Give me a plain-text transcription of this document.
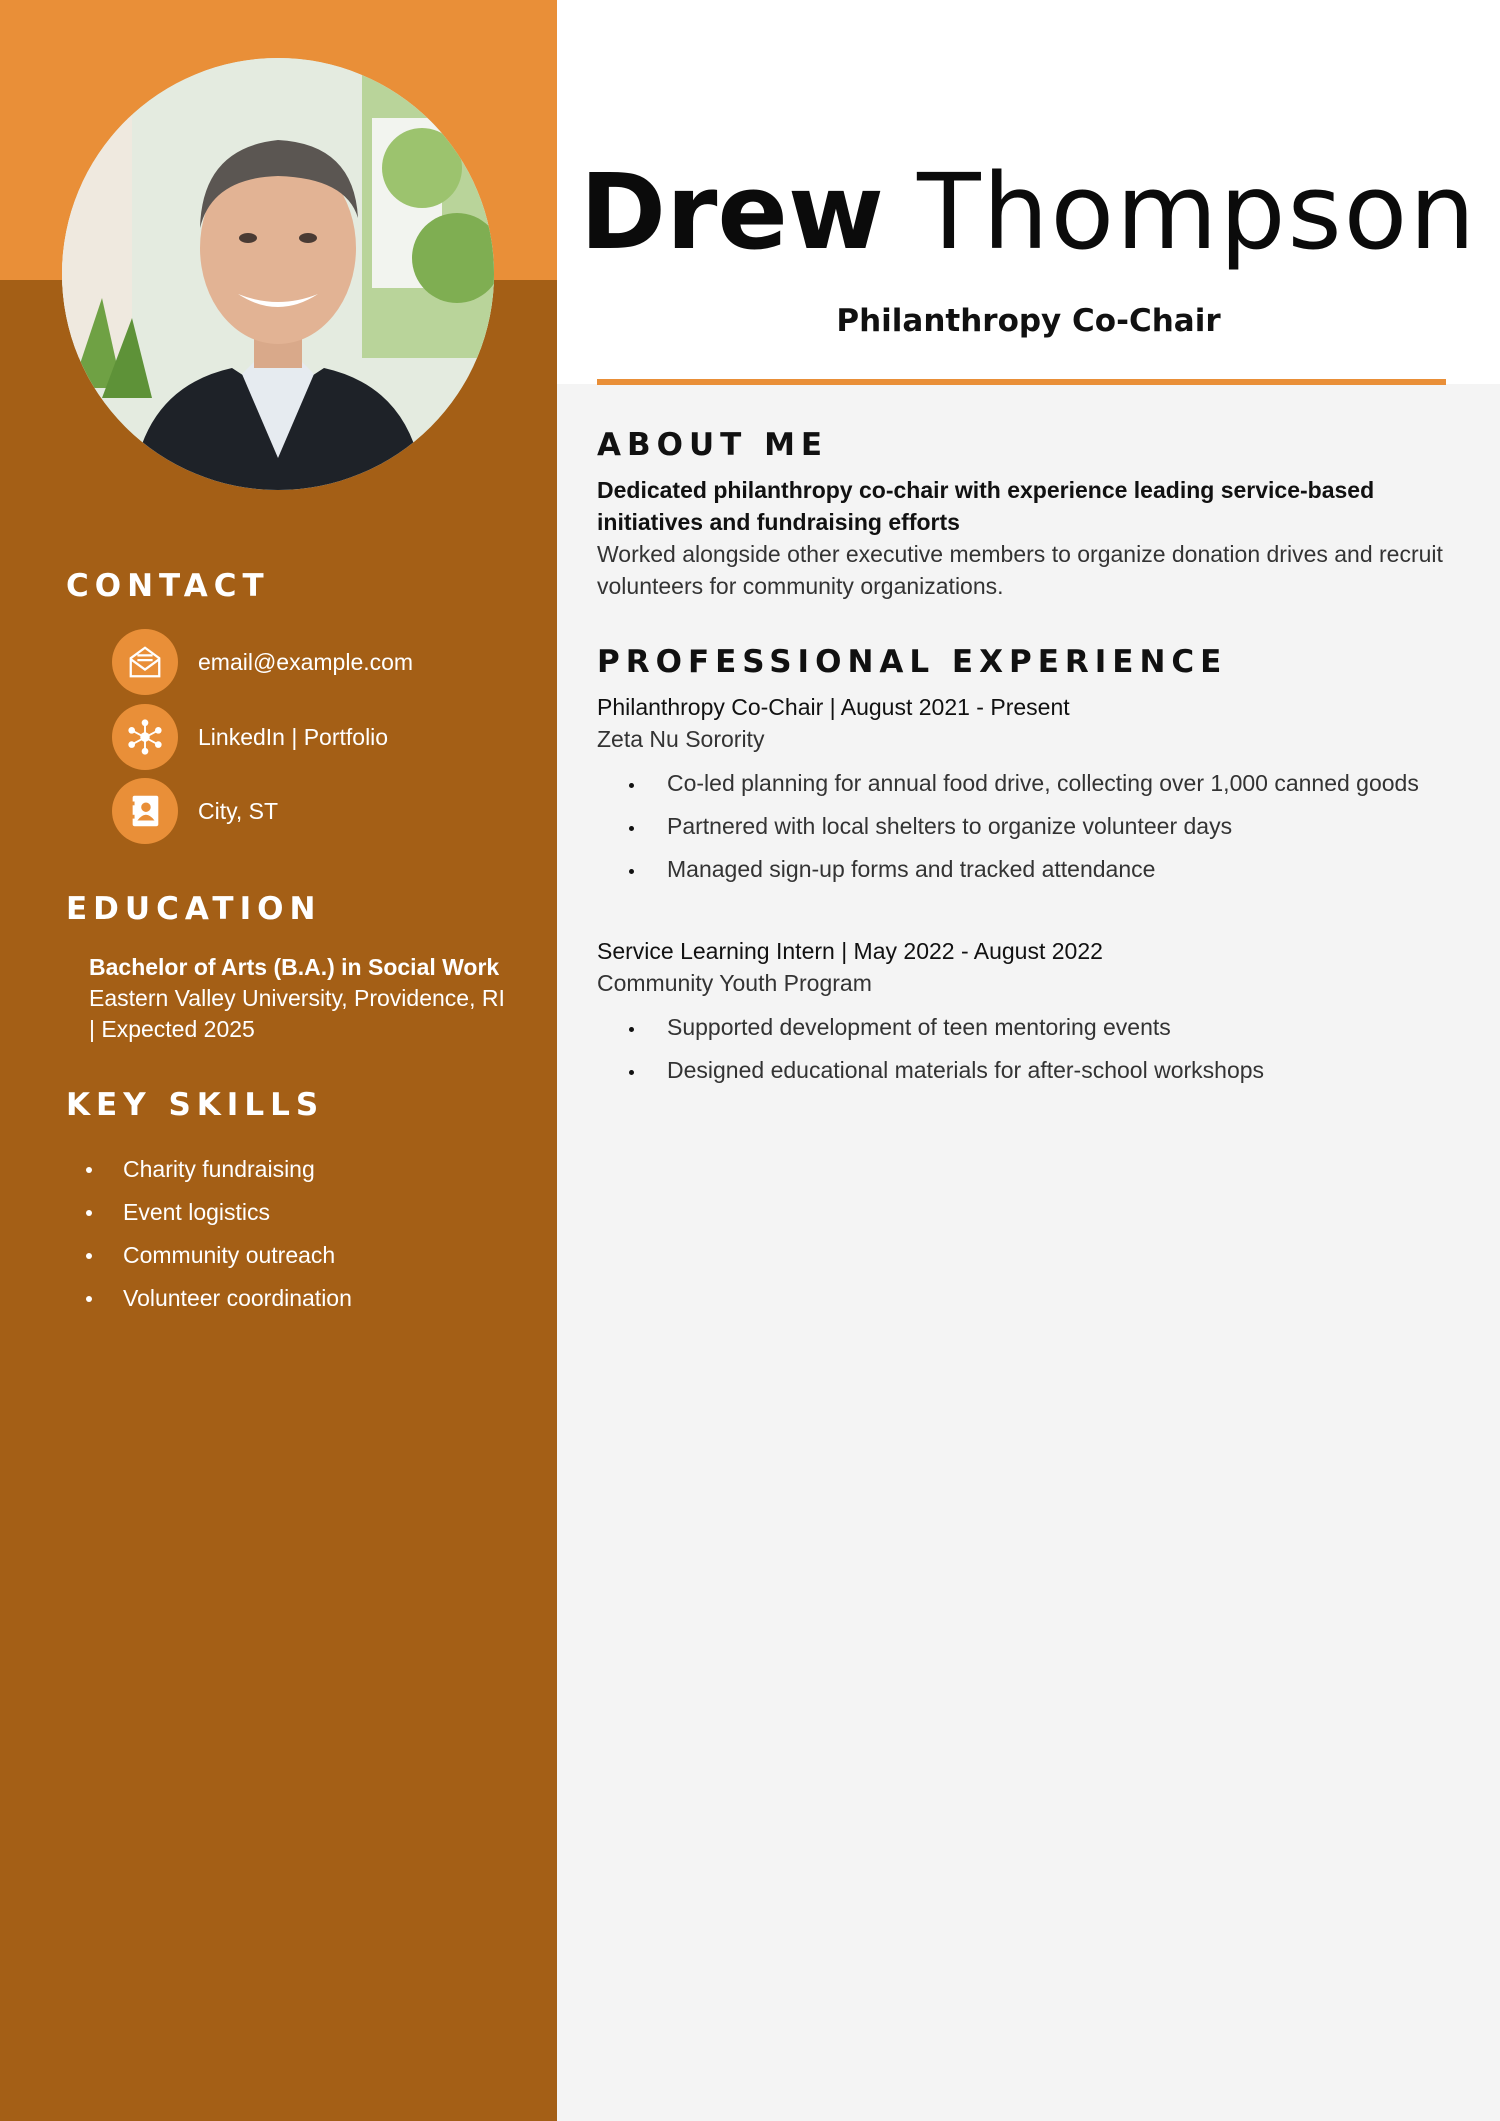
CONTACT
email@example.com
LinkedIn | Portfolio
City, ST
EDUCATION
Bachelor of Arts (B.A.) in Social Work
Eastern Valley University, Providence, RI
| Expected 2025
KEY SKILLS
Charity fundraising
Event logistics
Community outreach
Volunteer coordination
Drew Thompson
Philanthropy Co-Chair
ABOUT ME
Dedicated philanthropy co-chair with experience leading service-based initiatives and fundraising efforts
Worked alongside other executive members to organize donation drives and recruit volunteers for community organizations.
PROFESSIONAL EXPERIENCE
Philanthropy Co-Chair | August 2021 - Present
Zeta Nu Sorority
Co-led planning for annual food drive, collecting over 1,000 canned goods
Partnered with local shelters to organize volunteer days
Managed sign-up forms and tracked attendance
Service Learning Intern | May 2022 - August 2022
Community Youth Program
Supported development of teen mentoring events
Designed educational materials for after-school workshops
